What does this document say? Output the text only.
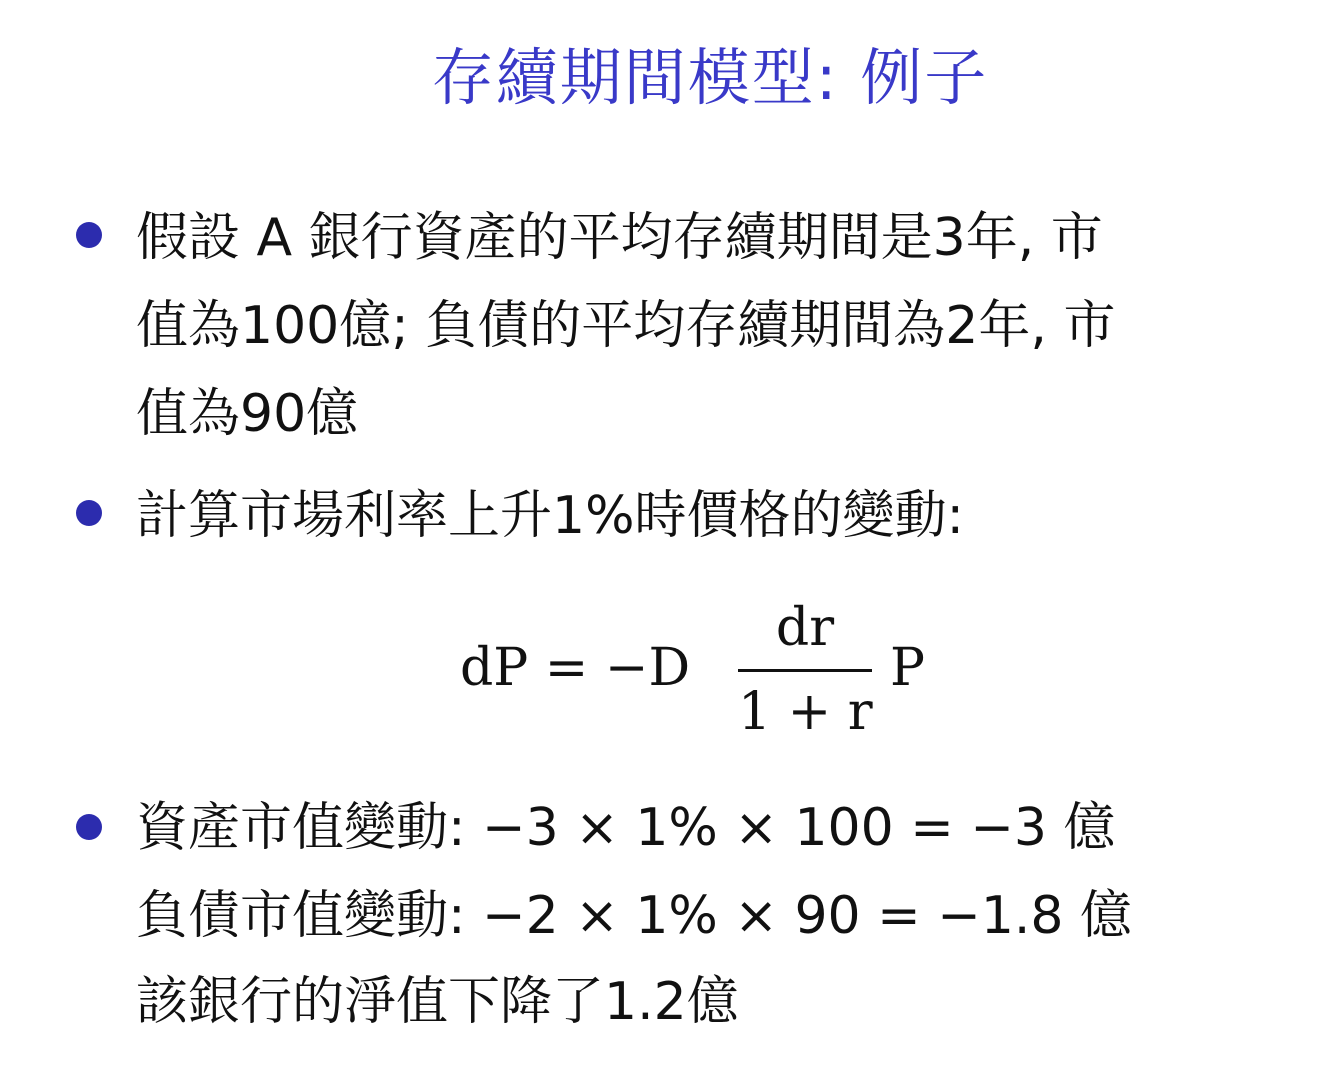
存續期間模型: 例子

假設 A 銀行資產的平均存續期間是3年, 市

值為100億; 負債的平均存續期間為2年, 市

值為90億

計算市場利率上升1%時價格的變動:

dP = −D
dr
1 + r
P

資產市值變動: −3 × 1% × 100 = −3 億

負債市值變動: −2 × 1% × 90 = −1.8 億

該銀行的淨值下降了1.2億
